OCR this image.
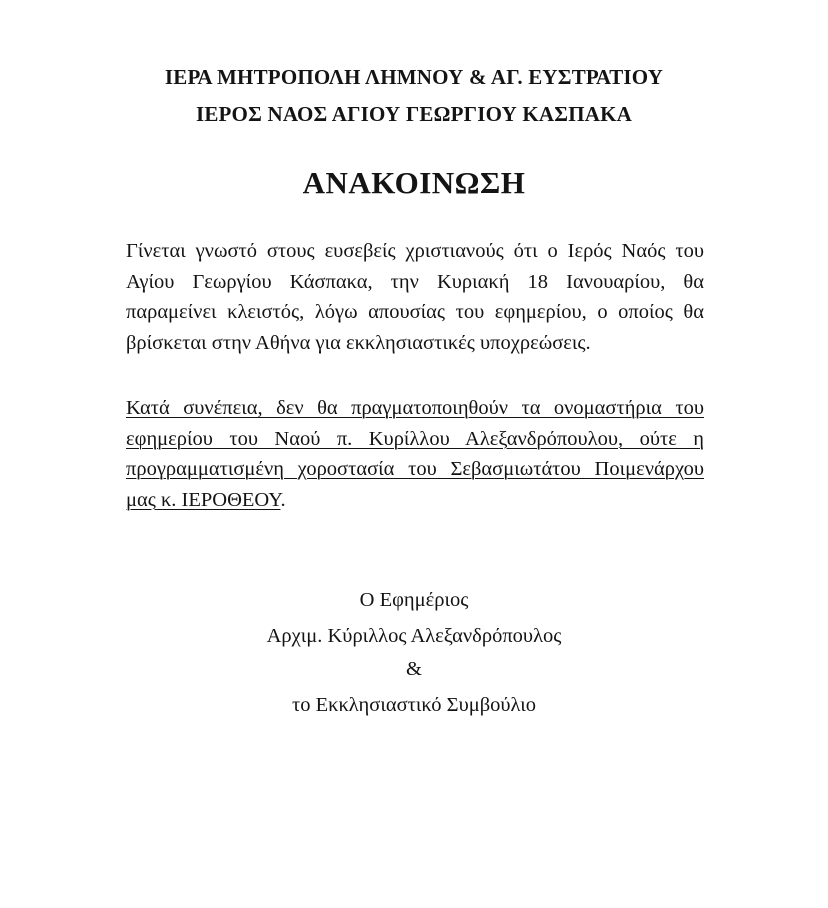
ΙΕΡΑ ΜΗΤΡΟΠΟΛΗ ΛΗΜΝΟΥ & ΑΓ. ΕΥΣΤΡΑΤΙΟΥ
ΙΕΡΟΣ ΝΑΟΣ ΑΓΙΟΥ ΓΕΩΡΓΙΟΥ ΚΑΣΠΑΚΑ
ΑΝΑΚΟΙΝΩΣΗ
Γίνεται γνωστό στους ευσεβείς χριστιανούς ότι ο Ιερός Ναός του Αγίου Γεωργίου Κάσπακα, την Κυριακή 18 Ιανουαρίου, θα παραμείνει κλειστός, λόγω απουσίας του εφημερίου, ο οποίος θα βρίσκεται στην Αθήνα για εκκλησιαστικές υποχρεώσεις.
Κατά συνέπεια, δεν θα πραγματοποιηθούν τα ονομαστήρια του εφημερίου του Ναού π. Κυρίλλου Αλεξανδρόπουλου, ούτε η προγραμματισμένη χοροστασία του Σεβασμιωτάτου Ποιμενάρχου μας κ. ΙΕΡΟΘΕΟΥ.
Ο Εφημέριος
Αρχιμ. Κύριλλος Αλεξανδρόπουλος
&
το Εκκλησιαστικό Συμβούλιο
